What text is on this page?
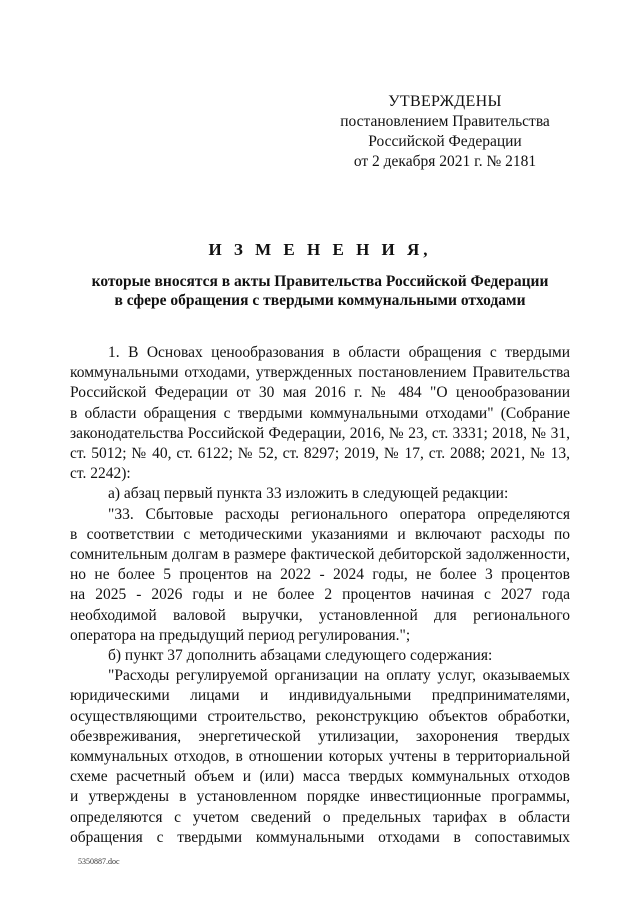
УТВЕРЖДЕНЫ
постановлением Правительства
Российской Федерации
от 2 декабря 2021 г. № 2181
И З М Е Н Е Н И Я,
которые вносятся в акты Правительства Российской Федерации
в сфере обращения с твердыми коммунальными отходами
1. В Основах ценообразования в области обращения с твердыми
коммунальными отходами, утвержденных постановлением Правительства
Российской Федерации от 30 мая 2016 г. № 484 "О ценообразовании
в области обращения с твердыми коммунальными отходами" (Собрание
законодательства Российской Федерации, 2016, № 23, ст. 3331; 2018, № 31,
ст. 5012; № 40, ст. 6122; № 52, ст. 8297; 2019, № 17, ст. 2088; 2021, № 13,
ст. 2242):
а) абзац первый пункта 33 изложить в следующей редакции:
"33. Сбытовые расходы регионального оператора определяются
в соответствии с методическими указаниями и включают расходы по
сомнительным долгам в размере фактической дебиторской задолженности,
но не более 5 процентов на 2022 - 2024 годы, не более 3 процентов
на 2025 - 2026 годы и не более 2 процентов начиная с 2027 года
необходимой валовой выручки, установленной для регионального
оператора на предыдущий период регулирования.";
б) пункт 37 дополнить абзацами следующего содержания:
"Расходы регулируемой организации на оплату услуг, оказываемых
юридическими лицами и индивидуальными предпринимателями,
осуществляющими строительство, реконструкцию объектов обработки,
обезвреживания, энергетической утилизации, захоронения твердых
коммунальных отходов, в отношении которых учтены в территориальной
схеме расчетный объем и (или) масса твердых коммунальных отходов
и утверждены в установленном порядке инвестиционные программы,
определяются с учетом сведений о предельных тарифах в области
обращения с твердыми коммунальными отходами в сопоставимых
5350887.doc
